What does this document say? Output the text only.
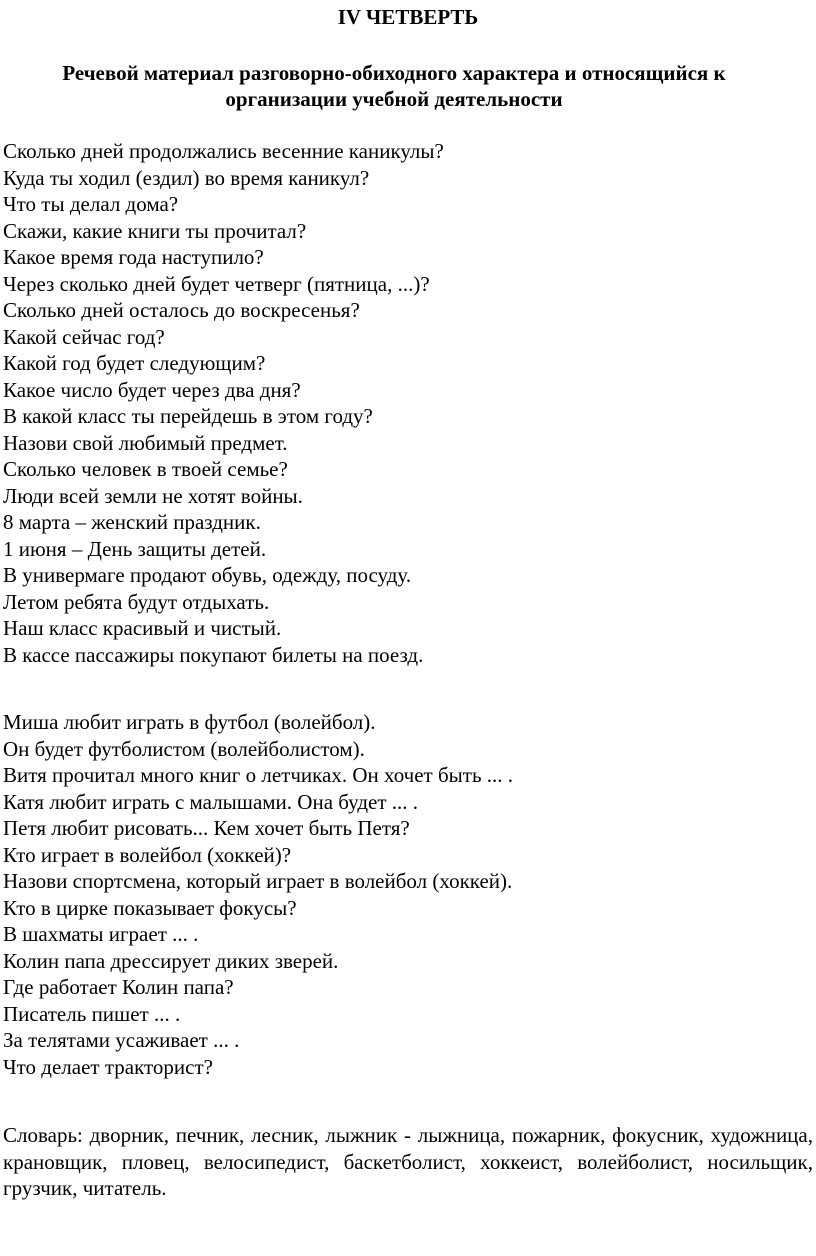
IV ЧЕТВЕРТЬ
Речевой материал разговорно-обиходного характера и относящийся к
организации учебной деятельности
Сколько дней продолжались весенние каникулы?
Куда ты ходил (ездил) во время каникул?
Что ты делал дома?
Скажи, какие книги ты прочитал?
Какое время года наступило?
Через сколько дней будет четверг (пятница, ...)?
Сколько дней осталось до воскресенья?
Какой сейчас год?
Какой год будет следующим?
Какое число будет через два дня?
В какой класс ты перейдешь в этом году?
Назови свой любимый предмет.
Сколько человек в твоей семье?
Люди всей земли не хотят войны.
8 марта – женский праздник.
1 июня – День защиты детей.
В универмаге продают обувь, одежду, посуду.
Летом ребята будут отдыхать.
Наш класс красивый и чистый.
В кассе пассажиры покупают билеты на поезд.
Миша любит играть в футбол (волейбол).
Он будет футболистом (волейболистом).
Витя прочитал много книг о летчиках. Он хочет быть ... .
Катя любит играть с малышами. Она будет ... .
Петя любит рисовать... Кем хочет быть Петя?
Кто играет в волейбол (хоккей)?
Назови спортсмена, который играет в волейбол (хоккей).
Кто в цирке показывает фокусы?
В шахматы играет ... .
Колин папа дрессирует диких зверей.
Где работает Колин папа?
Писатель пишет ... .
За телятами усаживает ... .
Что делает тракторист?

Словарь: дворник, печник, лесник, лыжник - лыжница, пожарник, фокусник, художница, крановщик, пловец, велосипедист, баскетболист, хоккеист, волейболист, носильщик, грузчик, читатель.
